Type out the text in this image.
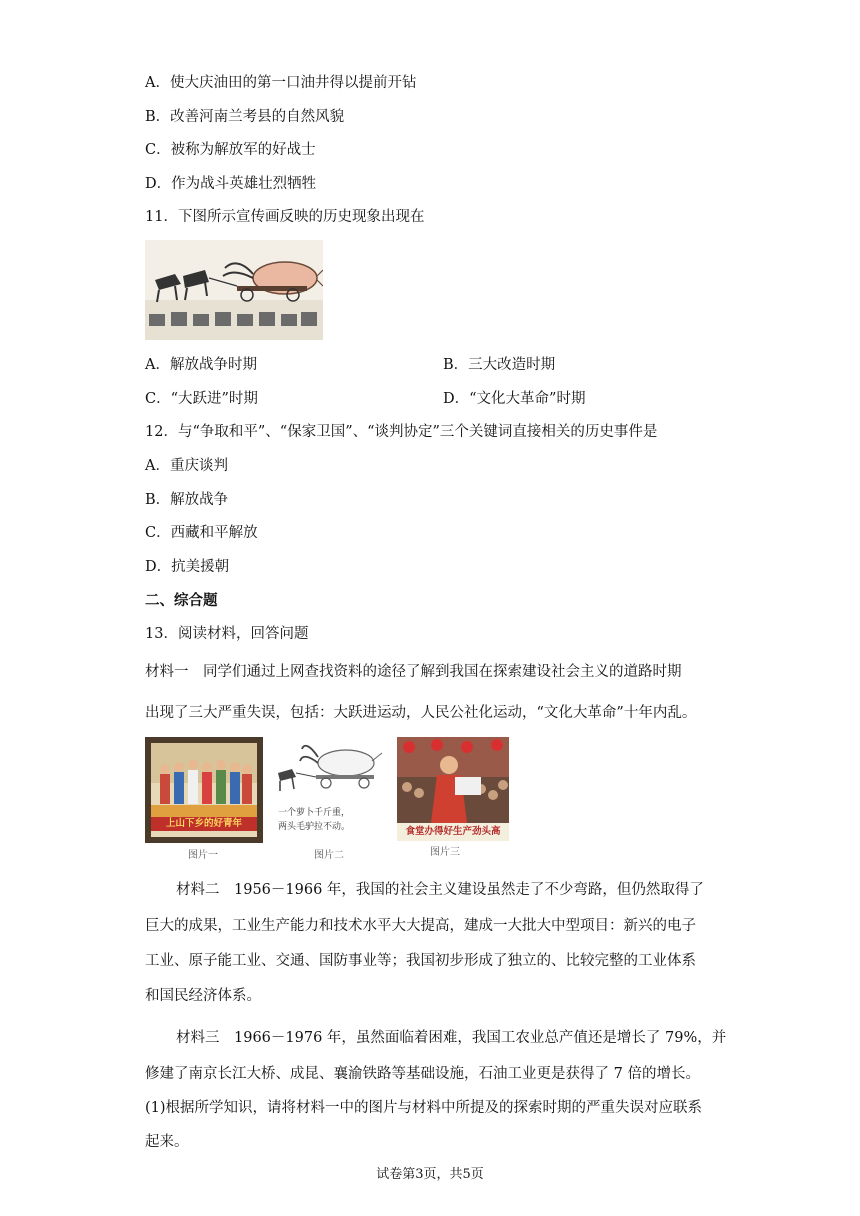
A．使大庆油田的第一口油井得以提前开钻
B．改善河南兰考县的自然风貌
C．被称为解放军的好战士
D．作为战斗英雄壮烈牺牲
11．下图所示宣传画反映的历史现象出现在
A．解放战争时期	B．三大改造时期
C．“大跃进”时期	D．“文化大革命”时期
12．与“争取和平”、“保家卫国”、“谈判协定”三个关键词直接相关的历史事件是
A．重庆谈判
B．解放战争
C．西藏和平解放
D．抗美援朝
二、综合题
13．阅读材料，回答问题
材料一　同学们通过上网查找资料的途径了解到我国在探索建设社会主义的道路时期
出现了三大严重失误，包括：大跃进运动，人民公社化运动，“文化大革命”十年内乱。
上山下乡的好青年
图片一
一个萝卜千斤重，
两头毛驴拉不动。
图片二
食堂办得好生产劲头高
图片三
材料二　1956－1966 年，我国的社会主义建设虽然走了不少弯路，但仍然取得了
巨大的成果，工业生产能力和技术水平大大提高，建成一大批大中型项目：新兴的电子
工业、原子能工业、交通、国防事业等；我国初步形成了独立的、比较完整的工业体系
和国民经济体系。
材料三　1966－1976 年，虽然面临着困难，我国工农业总产值还是增长了 79%，并
修建了南京长江大桥、成昆、襄渝铁路等基础设施，石油工业更是获得了 7 倍的增长。
(1)根据所学知识，请将材料一中的图片与材料中所提及的探索时期的严重失误对应联系
起来。
试卷第3页，共5页
